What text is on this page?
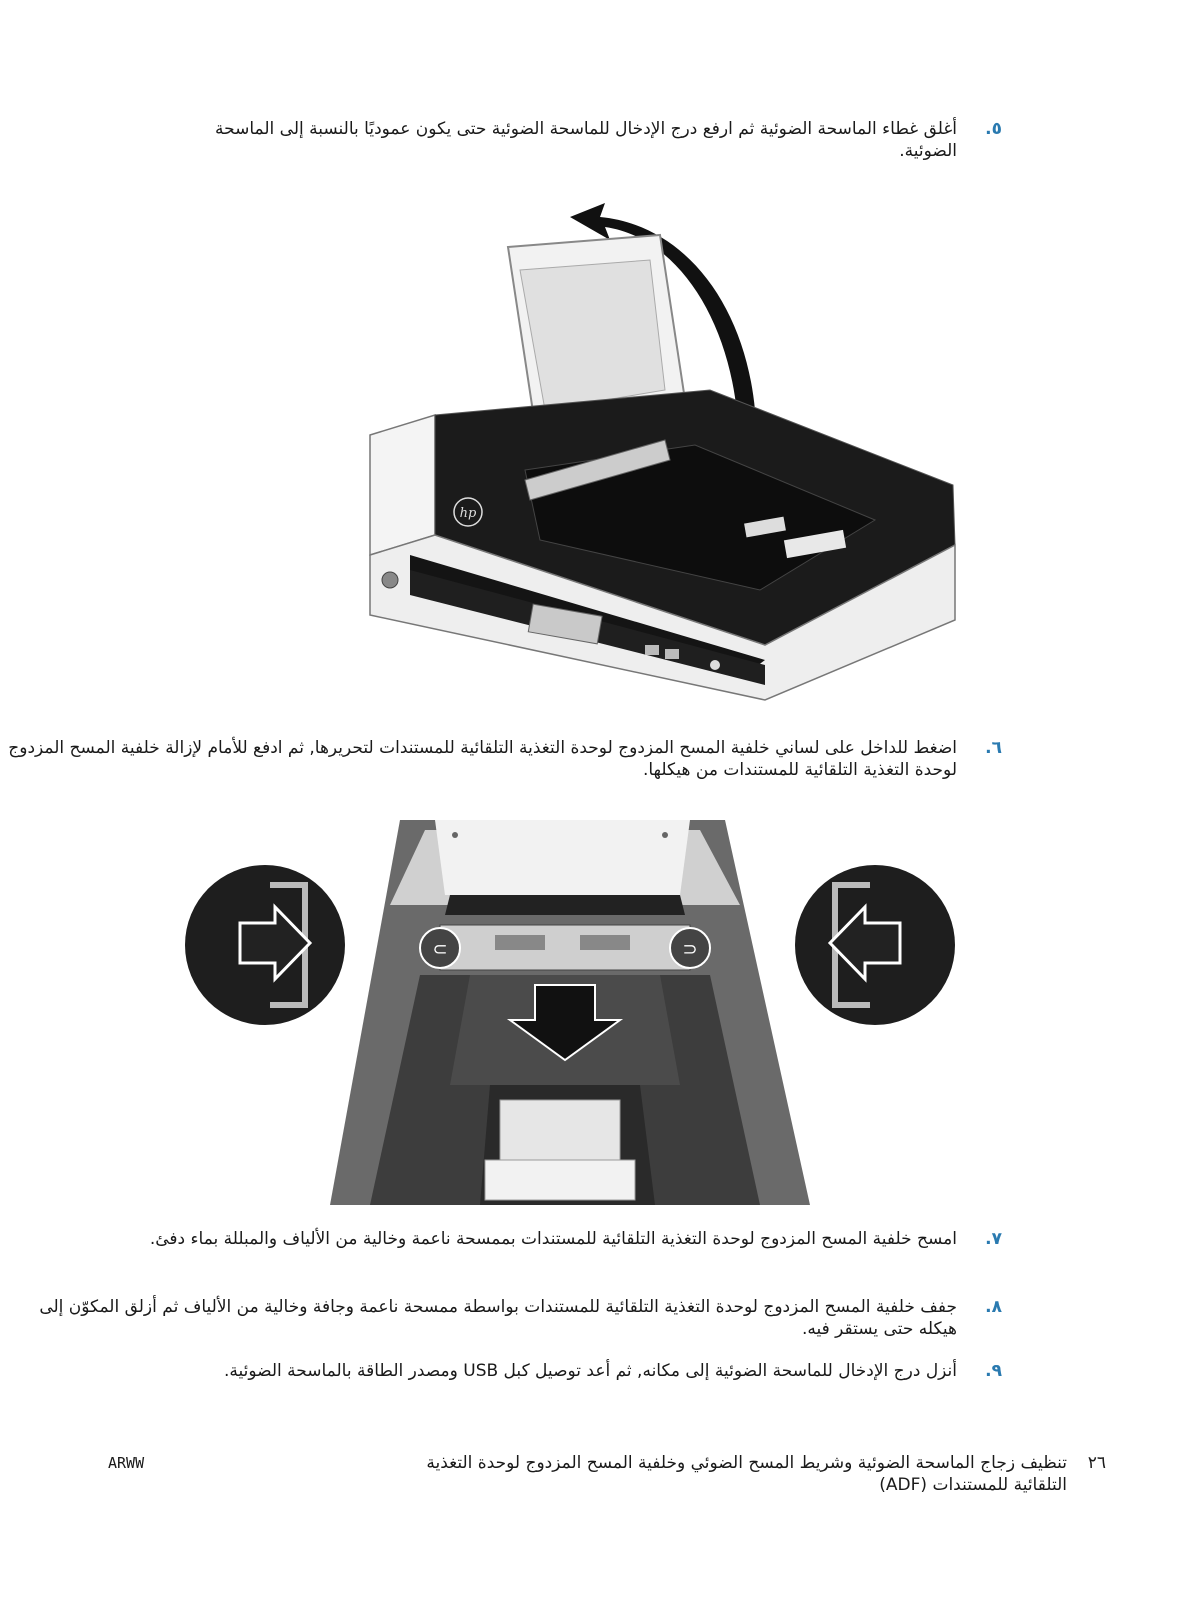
٥.
أغلق غطاء الماسحة الضوئية ثم ارفع درج الإدخال للماسحة الضوئية حتى يكون عموديًا بالنسبة إلى الماسحة الضوئية.
hp
٦.
اضغط للداخل على لساني خلفية المسح المزدوج لوحدة التغذية التلقائية للمستندات لتحريرها, ثم ادفع للأمام لإزالة خلفية المسح المزدوج لوحدة التغذية التلقائية للمستندات من هيكلها.
⊂	⊃
٧.
امسح خلفية المسح المزدوج لوحدة التغذية التلقائية للمستندات بممسحة ناعمة وخالية من الألياف والمبللة بماء دفئ.
٨.
جفف خلفية المسح المزدوج لوحدة التغذية التلقائية للمستندات بواسطة ممسحة ناعمة وجافة وخالية من الألياف ثم أزلق المكوّن إلى هيكله حتى يستقر فيه.
٩.
أنزل درج الإدخال للماسحة الضوئية إلى مكانه, ثم أعد توصيل كبل USB ومصدر الطاقة بالماسحة الضوئية.
٢٦
تنظيف زجاج الماسحة الضوئية وشريط المسح الضوئي وخلفية المسح المزدوج لوحدة التغذية التلقائية للمستندات (ADF)
ARWW
